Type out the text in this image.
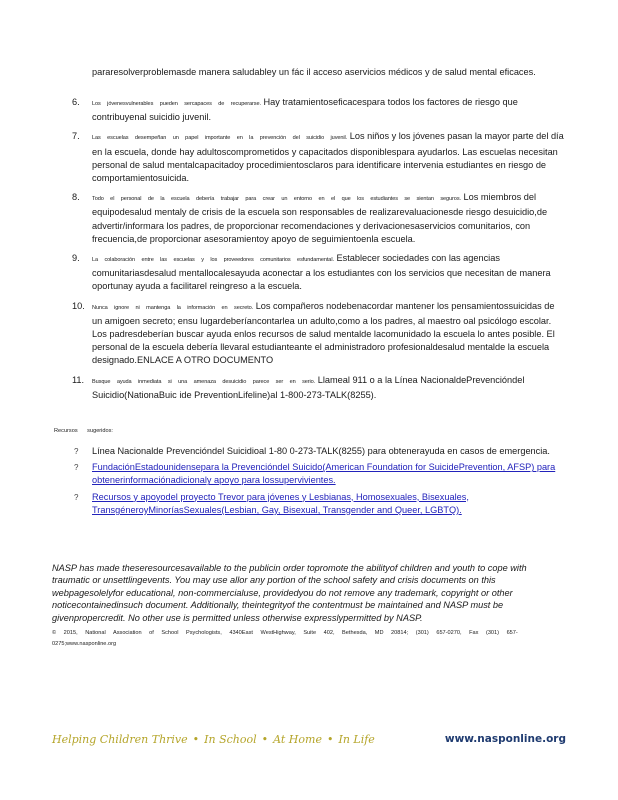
pararesolverproblemasde manera saludabley un fác il acceso aservicios médicos y de salud mental eficaces.
6. Los jóvenesvulnerables pueden sercapaces de recuperarse. Hay tratamientoseficacespara todos los factores de riesgo que contribuyenal suicidio juvenil.
7. Las escuelas desempeñan un papel importante en la prevención del suicidio juvenil. Los niños y los jóvenes pasan la mayor parte del día en la escuela, donde hay adultoscomprometidos y capacitados disponiblespara ayudarlos. Las escuelas necesitan personal de salud mentalcapacitadoy procedimientosclaros para identificare intervenia estudiantes en riesgo de comportamientosuicida.
8. Todo el personal de la escuela debería trabajar para crear un entorno en el que los estudiantes se sientan seguros. Los miembros del equipodesalud mentaly de crisis de la escuela son responsables de realizarevaluacionesde riesgo desuicidio,de advertir/informara los padres, de proporcionar recomendaciones y derivacionesaservicios comunitarios, con frecuencia,de proporcionar asesoramientoy apoyo de seguimientoenla escuela.
9. La colaboración entre las escuelas y los proveedores comunitarios esfundamental. Establecer sociedades con las agencias comunitariasdesalud mentallocalesayuda aconectar a los estudiantes con los servicios que necesitan de manera oportunay ayuda a facilitarel reingreso a la escuela.
10. Nunca ignore ni mantenga la información en secreto. Los compañeros nodebenacordar mantener los pensamientossuicidas de un amigoen secreto; ensu lugardeberíancontarlea un adulto,como a los padres, al maestro oal psicólogo escolar. Los padresdeberían buscar ayuda enlos recursos de salud mentalde lacomunidado la escuela lo antes posible. El personal de la escuela debería llevaral estudianteante el administradoro profesionaldesalud mentalde la escuela designado.ENLACE A OTRO DOCUMENTO
11. Busque ayuda inmediata si una amenaza desuicidio parece ser en serio. Llameal 911 o a la Línea NacionaldePrevencióndel Suicidio(NationaBuic ide PreventionLifeline)al 1-800-273-TALK(8255).
Recursos sugeridos:
? Línea Nacionalde Prevencióndel Suicidioal 1-80 0-273-TALK(8255) para obtenerayuda en casos de emergencia.
? FundaciónEstadounidensepara la Prevencióndel Suicido(American Foundation for SuicidePrevention, AFSP) para obtenerinformaciónadicionaly apoyo para lossupervivientes.
? Recursos y apoyodel proyecto Trevor para jóvenes y Lesbianas, Homosexuales, Bisexuales, TransgéneroyMinoríasSexuales(Lesbian, Gay, Bisexual, Transgender and Queer, LGBTQ).
NASP has made theseresourcesavailable to the publicin order topromote the abilityof children and youth to cope with traumatic or unsettlingevents. You may use allor any portion of the school safety and crisis documents on this webpagesolelyfor educational, non-commercialuse, providedyou do not remove any trademark, copyright or other noticecontainedinsuch document. Additionally, theintegrityof the contentmust be maintained and NASP must be givenpropercredit. No other use is permitted unless otherwise expresslypermitted by NASP.
© 2015, National Association of School Psychologists, 4340East WestHighway, Suite 402, Bethesda, MD 20814; (301) 657-0270, Fax (301) 657-0275;www.nasponline.org
Helping Children Thrive • In School • At Home • In Life	www.nasponline.org
